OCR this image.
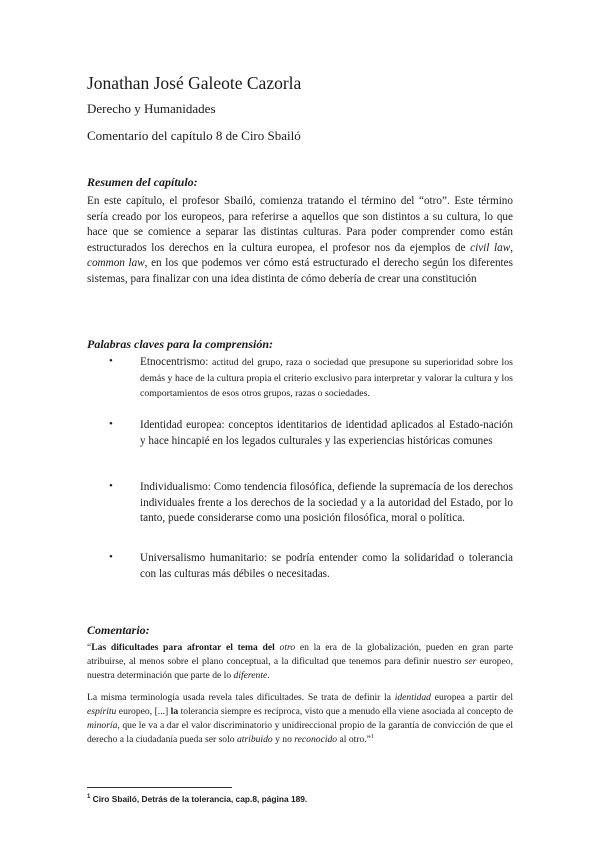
Jonathan José Galeote Cazorla
Derecho y Humanidades
Comentario del capítulo 8 de Ciro Sbailó
Resumen del capítulo:

En este capítulo, el profesor Sbailó, comienza tratando el término del “otro”. Este término sería creado por los europeos, para referirse a aquellos que son distintos a su cultura, lo que hace que se comience a separar las distintas culturas. Para poder comprender como están estructurados los derechos en la cultura europea, el profesor nos da ejemplos de civil law, common law, en los que podemos ver cómo está estructurado el derecho según los diferentes sistemas, para finalizar con una idea distinta de cómo debería de crear una constitución

Palabras claves para la comprensión:
• Etnocentrismo: actitud del grupo, raza o sociedad que presupone su superioridad sobre los demás y hace de la cultura propia el criterio exclusivo para interpretar y valorar la cultura y los comportamientos de esos otros grupos, razas o sociedades.

• Identidad europea: conceptos identitarios de identidad aplicados al Estado-nación y hace hincapié en los legados culturales y las experiencias históricas comunes

• Individualismo: Como tendencia filosófica, defiende la supremacía de los derechos individuales frente a los derechos de la sociedad y a la autoridad del Estado, por lo tanto, puede considerarse como una posición filosófica, moral o política.

• Universalismo humanitario: se podría entender como la solidaridad o tolerancia con las culturas más débiles o necesitadas.

Comentario:

“Las dificultades para afrontar el tema del otro en la era de la globalización, pueden en gran parte atribuirse, al menos sobre el plano conceptual, a la dificultad que tenemos para definir nuestro ser europeo, nuestra determinación que parte de lo diferente.

La misma terminología usada revela tales dificultades. Se trata de definir la identidad europea a partir del espíritu europeo, [...] la tolerancia siempre es recíproca, visto que a menudo ella viene asociada al concepto de minoría, que le va a dar el valor discriminatorio y unidireccional propio de la garantía de convicción de que el derecho a la ciudadanía pueda ser solo atribuido y no reconocido al otro.”$^1$

$^1$ Ciro Sbailó, Detrás de la tolerancia, cap.8, página 189.
